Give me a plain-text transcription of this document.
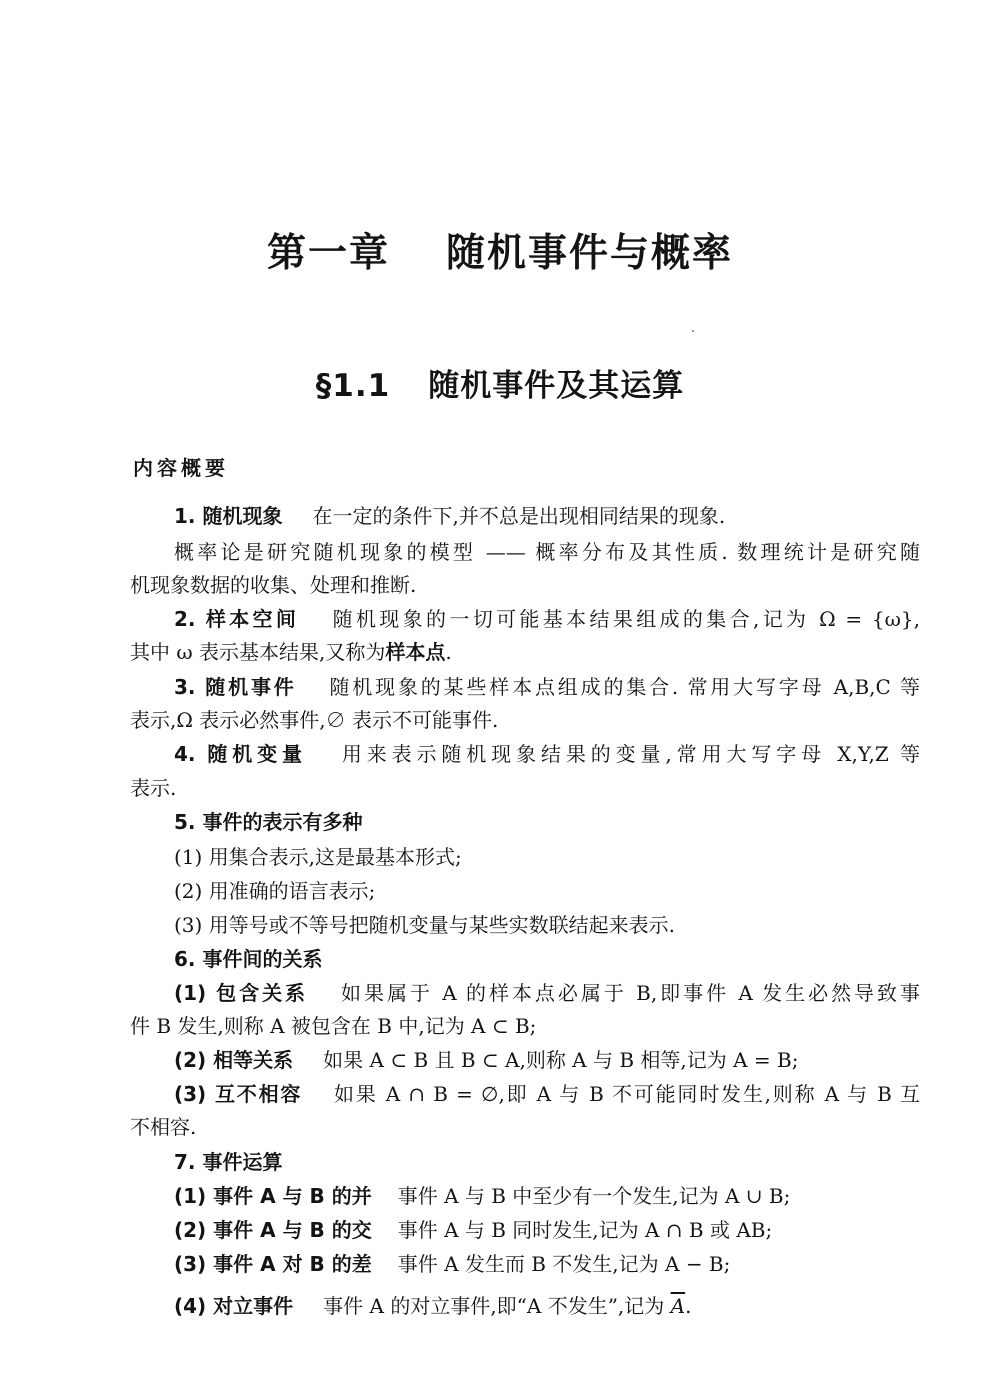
第一章 随机事件与概率
§1.1 随机事件及其运算
内容概要
1. 随机现象 在一定的条件下,并不总是出现相同结果的现象.
概率论是研究随机现象的模型 —— 概率分布及其性质. 数理统计是研究随
机现象数据的收集、处理和推断.
2. 样本空间 随机现象的一切可能基本结果组成的集合,记为 Ω = {ω},
其中 ω 表示基本结果,又称为样本点.
3. 随机事件 随机现象的某些样本点组成的集合. 常用大写字母 A,B,C 等
表示,Ω 表示必然事件,∅ 表示不可能事件.
4. 随机变量 用来表示随机现象结果的变量,常用大写字母 X,Y,Z 等
表示.
5. 事件的表示有多种
(1) 用集合表示,这是最基本形式;
(2) 用准确的语言表示;
(3) 用等号或不等号把随机变量与某些实数联结起来表示.
6. 事件间的关系
(1) 包含关系 如果属于 A 的样本点必属于 B,即事件 A 发生必然导致事
件 B 发生,则称 A 被包含在 B 中,记为 A ⊂ B;
(2) 相等关系 如果 A ⊂ B 且 B ⊂ A,则称 A 与 B 相等,记为 A = B;
(3) 互不相容 如果 A ∩ B = ∅,即 A 与 B 不可能同时发生,则称 A 与 B 互
不相容.
7. 事件运算
(1) 事件 A 与 B 的并 事件 A 与 B 中至少有一个发生,记为 A ∪ B;
(2) 事件 A 与 B 的交 事件 A 与 B 同时发生,记为 A ∩ B 或 AB;
(3) 事件 A 对 B 的差 事件 A 发生而 B 不发生,记为 A − B;
(4) 对立事件 事件 A 的对立事件,即“A 不发生”,记为 $\overline{A}$.
